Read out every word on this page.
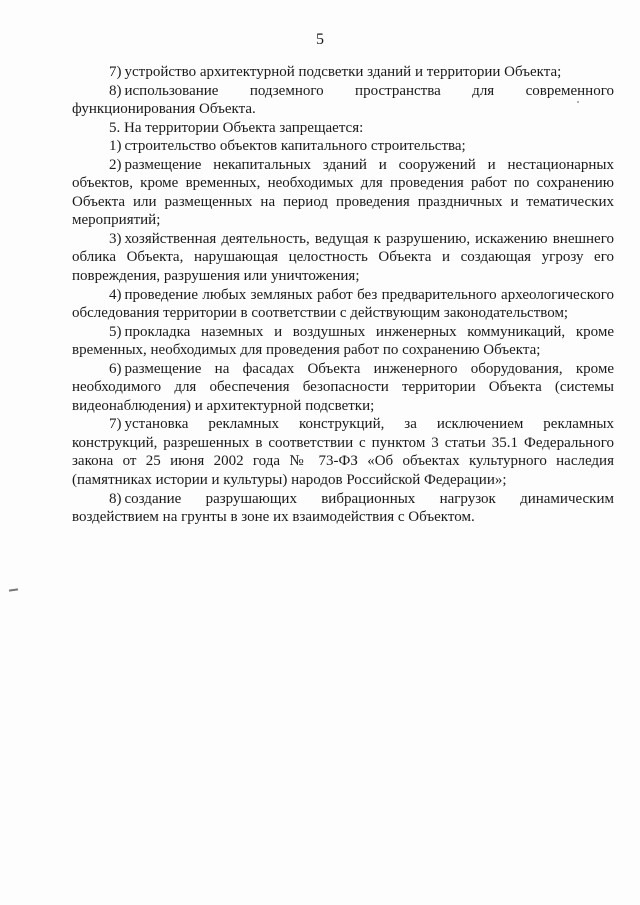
5

7) устройство архитектурной подсветки зданий и территории Объекта;

8) использование подземного пространства для современного функционирования Объекта.

5. На территории Объекта запрещается:

1) строительство объектов капитального строительства;

2) размещение некапитальных зданий и сооружений и нестационарных объектов, кроме временных, необходимых для проведения работ по сохранению Объекта или размещенных на период проведения праздничных и тематических мероприятий;

3) хозяйственная деятельность, ведущая к разрушению, искажению внешнего облика Объекта, нарушающая целостность Объекта и создающая угрозу его повреждения, разрушения или уничтожения;

4) проведение любых земляных работ без предварительного археологического обследования территории в соответствии с действующим законодательством;

5) прокладка наземных и воздушных инженерных коммуникаций, кроме временных, необходимых для проведения работ по сохранению Объекта;

6) размещение на фасадах Объекта инженерного оборудования, кроме необходимого для обеспечения безопасности территории Объекта (системы видеонаблюдения) и архитектурной подсветки;

7) установка рекламных конструкций, за исключением рекламных конструкций, разрешенных в соответствии с пунктом 3 статьи 35.1 Федерального закона от 25 июня 2002 года № 73-ФЗ «Об объектах культурного наследия (памятниках истории и культуры) народов Российской Федерации»;

8) создание разрушающих вибрационных нагрузок динамическим воздействием на грунты в зоне их взаимодействия с Объектом.
